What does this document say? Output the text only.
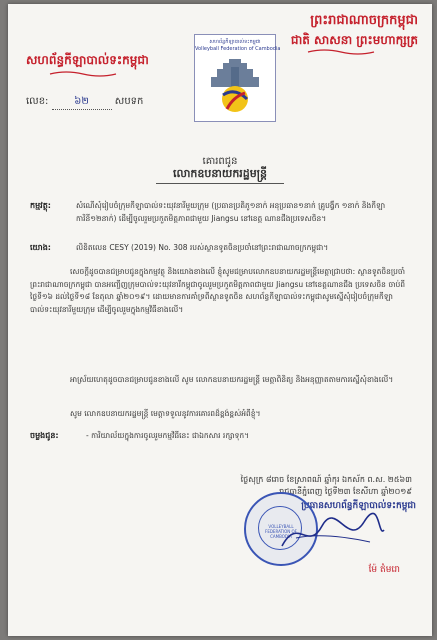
ព្រះរាជាណាចក្រកម្ពុជា
ជាតិ សាសនា ព្រះមហាក្សត្រ
សហព័ន្ធកីឡាបាល់ទះកម្ពុជា
លេខ:	៦២	សបទក
សហព័ន្ធកីឡាបាល់ទះកម្ពុជា
Volleyball Federation of Cambodia
គោរពជូន
លោកឧបនាយករដ្ឋមន្ត្រី
កម្មវត្ថុ:	សំណើសុំរៀបចំក្រុមកីឡាបាល់ទះយុវនារីមួយក្រុម (ប្រធានប្រតិភូ១នាក់ អនុប្រធាន១នាក់ គ្រូបង្វឹក ១នាក់ និងកីឡាការិនី១២នាក់) ដើម្បីចូលរួមប្រកួតមិត្តភាពជាមួយ Jiangsu នៅខេត្ត ណានជីងប្រទេសចិន។
យោង:	លិខិតលេខ CESY (2019) No. 308 របស់ស្ថានទូតចិនប្រចាំនៅព្រះរាជាណាចក្រកម្ពុជា។
សេចក្តីដូចបានជម្រាបជូនក្នុងកម្មវត្ថុ និងយោងខាងលើ ខ្ញុំសូមជម្រាបលោកឧបនាយករដ្ឋមន្ត្រីមេត្តាជ្រាបថា: ស្ថានទូតចិនប្រចាំព្រះរាជាណាចក្រកម្ពុជា បានអញ្ជើញក្រុមបាល់ទះយុវនារីកម្ពុជាចូលរួមប្រកួតមិត្តភាពជាមួយ Jiangsu នៅខេត្តណានជីង ប្រទេសចិន ចាប់ពីថ្ងៃទី១៦ ដល់ថ្ងៃទី១៨ ខែតុលា ឆ្នាំ២០១៩។ ដោយមានការគាំទ្រពីស្ថានទូតចិន សហព័ន្ធកីឡាបាល់ទះកម្ពុជាសូមស្នើសុំរៀបចំក្រុមកីឡាបាល់ទះយុវនារីមួយក្រុម ដើម្បីចូលរួមក្នុងកម្មវិធីខាងលើ។
អាស្រ័យហេតុដូចបានជម្រាបជូនខាងលើ សូម លោកឧបនាយករដ្ឋមន្ត្រី មេត្តាពិនិត្យ និងអនុញ្ញាតតាមការស្នើសុំខាងលើ។
សូម លោកឧបនាយករដ្ឋមន្ត្រី មេត្តាទទួលនូវការគោរពដ៏ខ្ពង់ខ្ពស់អំពីខ្ញុំ។
ចម្លងជូន:	- ការិយាល័យក្នុងការចូលរួមកម្មវិធីនេះ ជាឯកសារ រក្សាទុក។
ថ្ងៃសុក្រ ៨រោច ខែស្រាពណ៍ ឆ្នាំកុរ ឯកស័ក ព.ស. ២៥៦៣
រាជធានីភ្នំពេញ ថ្ងៃទី២៣ ខែសីហា ឆ្នាំ២០១៩
ប្រធានសហព័ន្ធកីឡាបាល់ទះកម្ពុជា
VOLLEYBALL FEDERATION OF CAMBODIA
ម៉ែ ឥំមរោ
